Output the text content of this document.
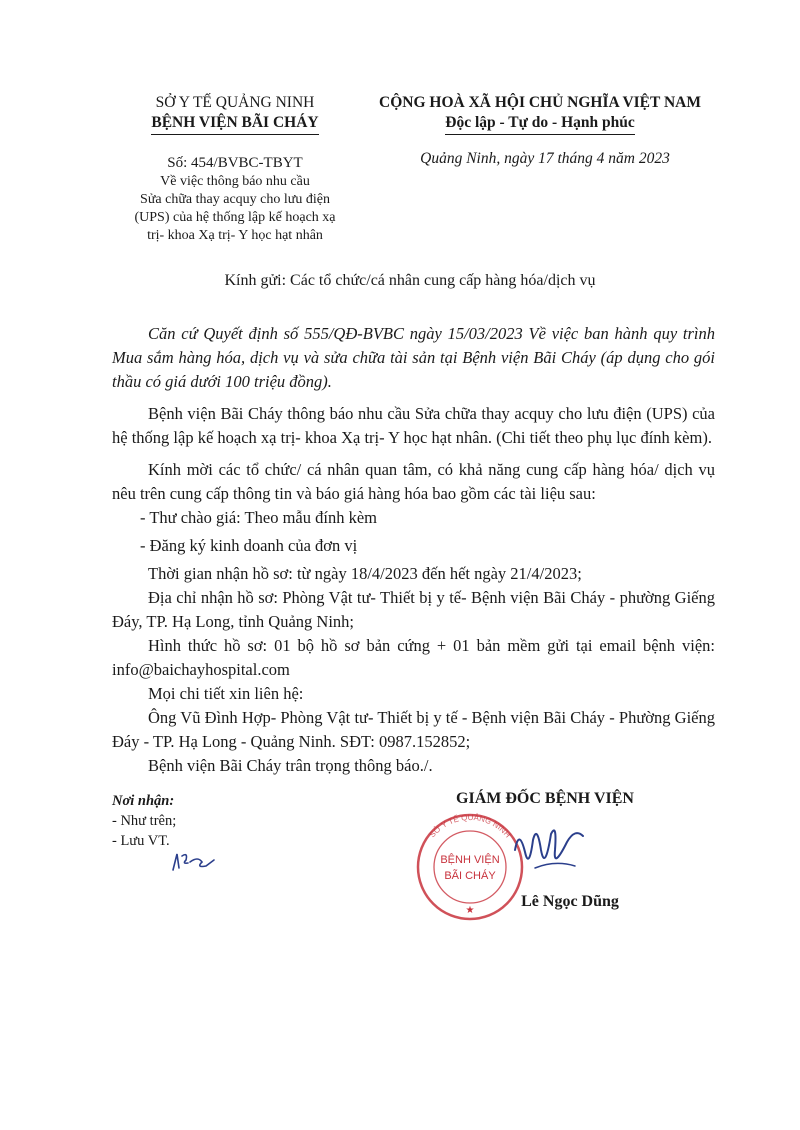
SỞ Y TẾ QUẢNG NINH
BỆNH VIỆN BÃI CHÁY
CỘNG HOÀ XÃ HỘI CHỦ NGHĨA VIỆT NAM
Độc lập - Tự do - Hạnh phúc
Số: 454/BVBC-TBYT
Về việc thông báo nhu cầu
Sửa chữa thay acquy cho lưu điện
(UPS) của hệ thống lập kế hoạch xạ
trị- khoa Xạ trị- Y học hạt nhân
Quảng Ninh, ngày 17 tháng 4 năm 2023
Kính gửi: Các tổ chức/cá nhân cung cấp hàng hóa/dịch vụ

Căn cứ Quyết định số 555/QĐ-BVBC ngày 15/03/2023 Về việc ban hành quy trình Mua sắm hàng hóa, dịch vụ và sửa chữa tài sản tại Bệnh viện Bãi Cháy (áp dụng cho gói thầu có giá dưới 100 triệu đồng).

Bệnh viện Bãi Cháy thông báo nhu cầu Sửa chữa thay acquy cho lưu điện (UPS) của hệ thống lập kế hoạch xạ trị- khoa Xạ trị- Y học hạt nhân. (Chi tiết theo phụ lục đính kèm).

Kính mời các tổ chức/ cá nhân quan tâm, có khả năng cung cấp hàng hóa/ dịch vụ nêu trên cung cấp thông tin và báo giá hàng hóa bao gồm các tài liệu sau:

- Thư chào giá: Theo mẫu đính kèm

- Đăng ký kinh doanh của đơn vị

Thời gian nhận hồ sơ: từ ngày 18/4/2023 đến hết ngày 21/4/2023;

Địa chỉ nhận hồ sơ: Phòng Vật tư- Thiết bị y tế- Bệnh viện Bãi Cháy - phường Giếng Đáy, TP. Hạ Long, tỉnh Quảng Ninh;

Hình thức hồ sơ: 01 bộ hồ sơ bản cứng + 01 bản mềm gửi tại email bệnh viện: info@baichayhospital.com

Mọi chi tiết xin liên hệ:

Ông Vũ Đình Hợp- Phòng Vật tư- Thiết bị y tế - Bệnh viện Bãi Cháy - Phường Giếng Đáy - TP. Hạ Long - Quảng Ninh. SĐT: 0987.152852;

Bệnh viện Bãi Cháy trân trọng thông báo./.

Nơi nhận:
- Như trên;
- Lưu VT.
GIÁM ĐỐC BỆNH VIỆN
SỞ Y TẾ QUẢNG NINH
BỆNH VIỆN
BÃI CHÁY
★
Lê Ngọc Dũng
